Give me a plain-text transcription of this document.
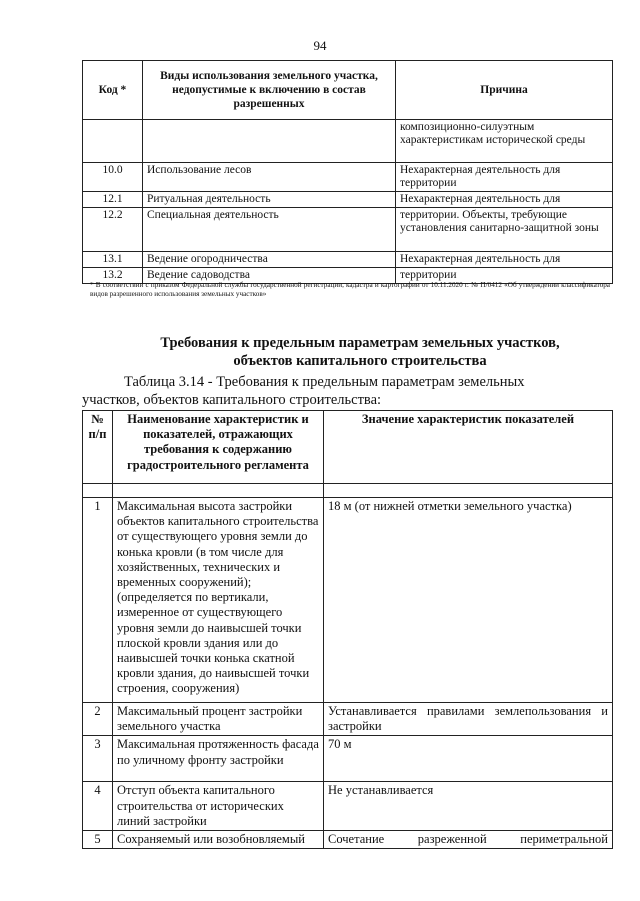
94
Код *	Виды использования земельного участка, недопустимые к включению в состав разрешенных	Причина
		композиционно-силуэтным характеристикам исторической среды
10.0	Использование лесов	Нехарактерная деятельность для территории
12.1	Ритуальная деятельность	Нехарактерная деятельность для
12.2	Специальная деятельность	территории. Объекты, требующие установления санитарно-защитной зоны
13.1	Ведение огородничества	Нехарактерная деятельность для
13.2	Ведение садоводства	территории
* В соответствии с приказом Федеральной службы государственной регистрации, кадастра и картографии от 10.11.2020 г. № П/0412 «Об утверждении классификатора видов разрешенного использования земельных участков»
Требования к предельным параметрам земельных участков,
объектов капитального строительства
Таблица 3.14 - Требования к предельным параметрам земельных
участков, объектов капитального строительства:
№ п/п	Наименование характеристик и показателей, отражающих требования к содержанию градостроительного регламента	Значение характеристик показателей

1	Максимальная высота застройки объектов капитального строительства от существующего уровня земли до конька кровли (в том числе для хозяйственных, технических и временных сооружений); (определяется по вертикали, измеренное от существующего уровня земли до наивысшей точки плоской кровли здания или до наивысшей точки конька скатной кровли здания, до наивысшей точки строения, сооружения)	18 м (от нижней отметки земельного участка)
2	Максимальный процент застройки земельного участка	Устанавливается правилами землепользования и застройки
3	Максимальная протяженность фасада по уличному фронту застройки	70 м
4	Отступ объекта капитального строительства от исторических линий застройки	Не устанавливается
5	Сохраняемый или возобновляемый	Сочетание разреженной периметральной
